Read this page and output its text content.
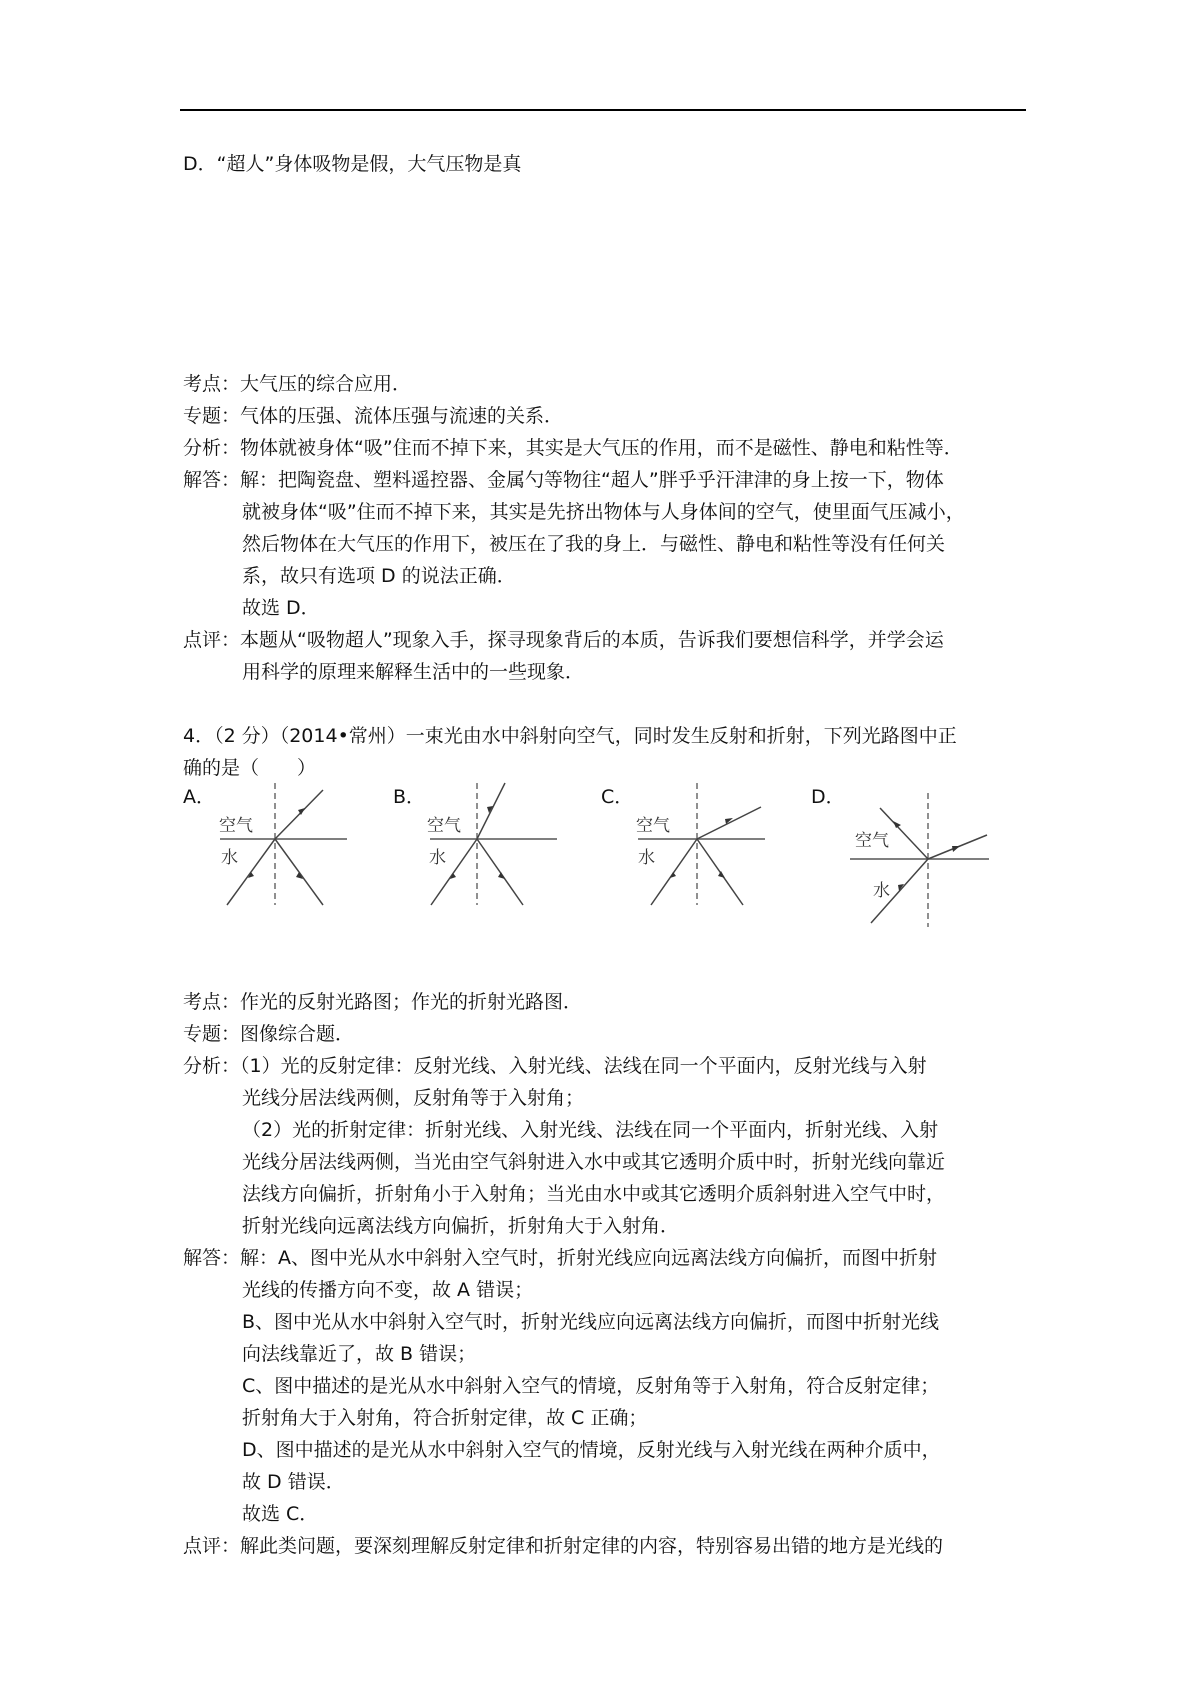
D．“超人”身体吸物是假，大气压物是真
考点：大气压的综合应用．
专题：气体的压强、流体压强与流速的关系．
分析：物体就被身体“吸”住而不掉下来，其实是大气压的作用，而不是磁性、静电和粘性等．
解答：解：把陶瓷盘、塑料遥控器、金属勺等物往“超人”胖乎乎汗津津的身上按一下，物体
就被身体“吸”住而不掉下来，其实是先挤出物体与人身体间的空气，使里面气压减小，
然后物体在大气压的作用下，被压在了我的身上．与磁性、静电和粘性等没有任何关
系，故只有选项 D 的说法正确．
故选 D．
点评：本题从“吸物超人”现象入手，探寻现象背后的本质，告诉我们要想信科学，并学会运
用科学的原理来解释生活中的一些现象．
4．（2 分）（2014•常州）一束光由水中斜射向空气，同时发生反射和折射，下列光路图中正
确的是（　　）
A．	B．	C．	D．
空气
水
空气
水
空气
水
空气
水
考点：作光的反射光路图；作光的折射光路图．
专题：图像综合题．
分析：（1）光的反射定律：反射光线、入射光线、法线在同一个平面内，反射光线与入射
光线分居法线两侧，反射角等于入射角；
（2）光的折射定律：折射光线、入射光线、法线在同一个平面内，折射光线、入射
光线分居法线两侧，当光由空气斜射进入水中或其它透明介质中时，折射光线向靠近
法线方向偏折，折射角小于入射角；当光由水中或其它透明介质斜射进入空气中时，
折射光线向远离法线方向偏折，折射角大于入射角．
解答：解：A、图中光从水中斜射入空气时，折射光线应向远离法线方向偏折，而图中折射
光线的传播方向不变，故 A 错误；
B、图中光从水中斜射入空气时，折射光线应向远离法线方向偏折，而图中折射光线
向法线靠近了，故 B 错误；
C、图中描述的是光从水中斜射入空气的情境，反射角等于入射角，符合反射定律；
折射角大于入射角，符合折射定律，故 C 正确；
D、图中描述的是光从水中斜射入空气的情境，反射光线与入射光线在两种介质中，
故 D 错误．
故选 C．
点评：解此类问题，要深刻理解反射定律和折射定律的内容，特别容易出错的地方是光线的
